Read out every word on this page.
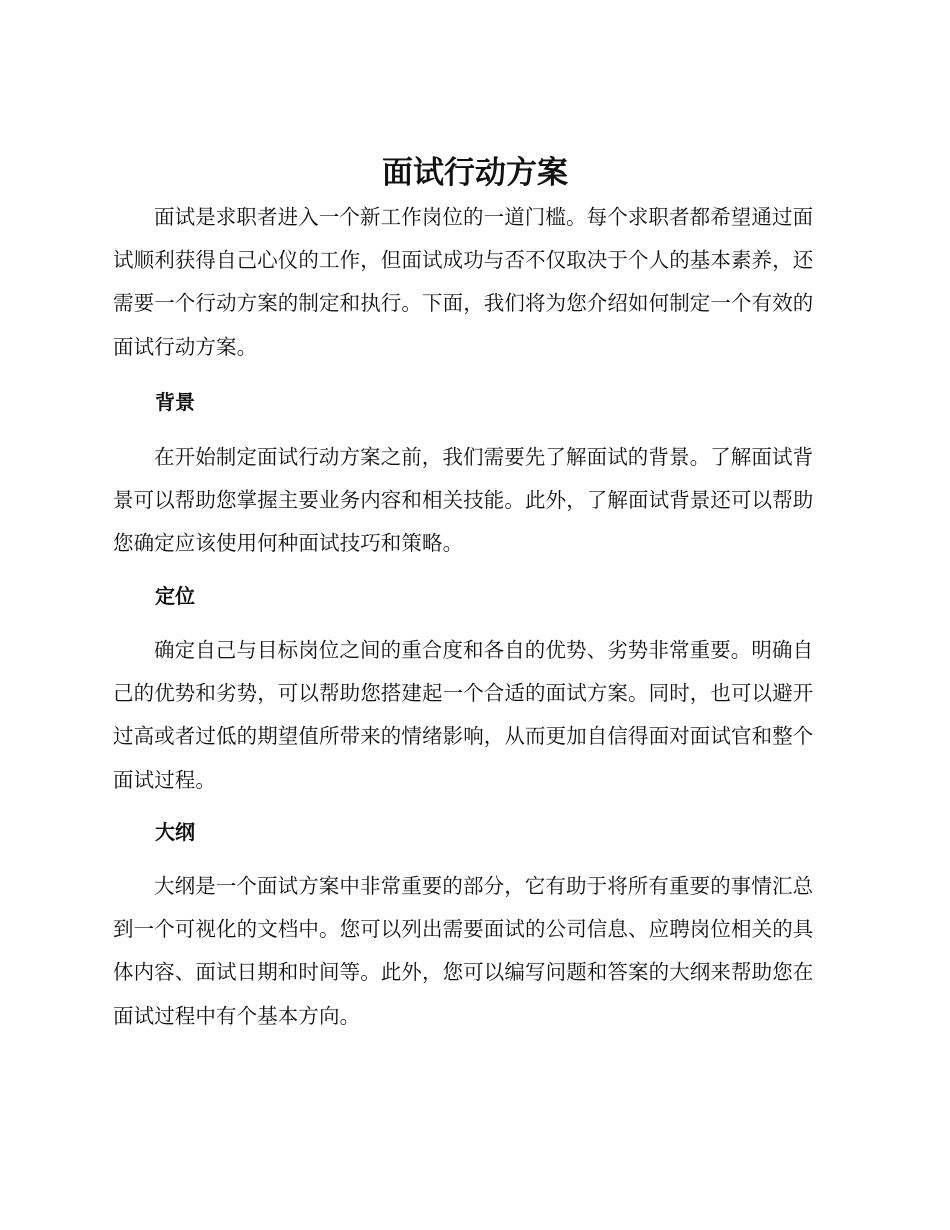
面试行动方案

面试是求职者进入一个新工作岗位的一道门槛。每个求职者都希望通过面试顺利获得自己心仪的工作，但面试成功与否不仅取决于个人的基本素养，还需要一个行动方案的制定和执行。下面，我们将为您介绍如何制定一个有效的面试行动方案。

背景

在开始制定面试行动方案之前，我们需要先了解面试的背景。了解面试背景可以帮助您掌握主要业务内容和相关技能。此外，了解面试背景还可以帮助您确定应该使用何种面试技巧和策略。

定位

确定自己与目标岗位之间的重合度和各自的优势、劣势非常重要。明确自己的优势和劣势，可以帮助您搭建起一个合适的面试方案。同时，也可以避开过高或者过低的期望值所带来的情绪影响，从而更加自信得面对面试官和整个面试过程。

大纲

大纲是一个面试方案中非常重要的部分，它有助于将所有重要的事情汇总到一个可视化的文档中。您可以列出需要面试的公司信息、应聘岗位相关的具体内容、面试日期和时间等。此外，您可以编写问题和答案的大纲来帮助您在面试过程中有个基本方向。
